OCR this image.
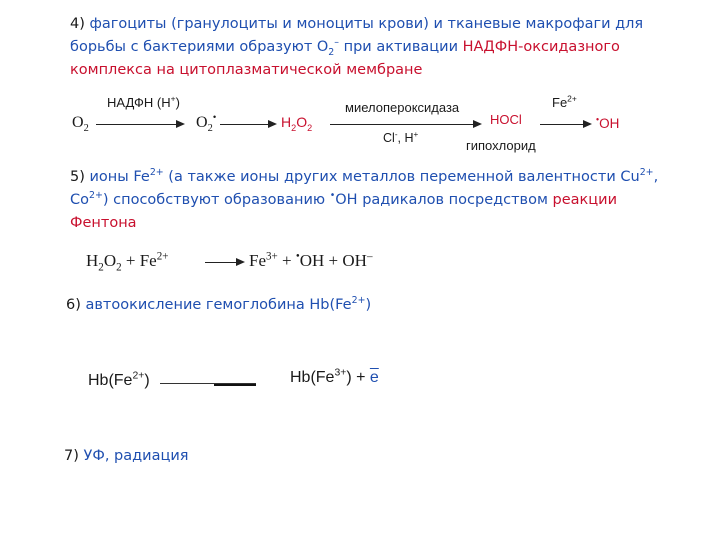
4) фагоциты (гранулоциты и моноциты крови) и тканевые макрофаги для
борьбы с бактериями образуют $O_2^-$ при активации НАДФН-оксидазного
комплекса на цитоплазматической мембране
НАДФН (Н+)
$O_2$	$O_2^•$	$H_2O_2$
миелопероксидаза
Cl-, H+
HOCl
гипохлорид
$Fe^{2+}$
•OH
5) ионы $Fe^{2+}$ (а также ионы других металлов переменной валентности $Cu^{2+}$,
$Co^{2+}$) способствуют образованию •OH радикалов посредством реакции
Фентона
$H_2O_2 + Fe^{2+}$	$Fe^{3+} + ^•OH + OH^-$
6) автоокисление гемоглобина $Hb(Fe^{2+})$
$Hb(Fe^{2+})$	$Hb(Fe^{3+}) + \overline{e}$
7) УФ, радиация
